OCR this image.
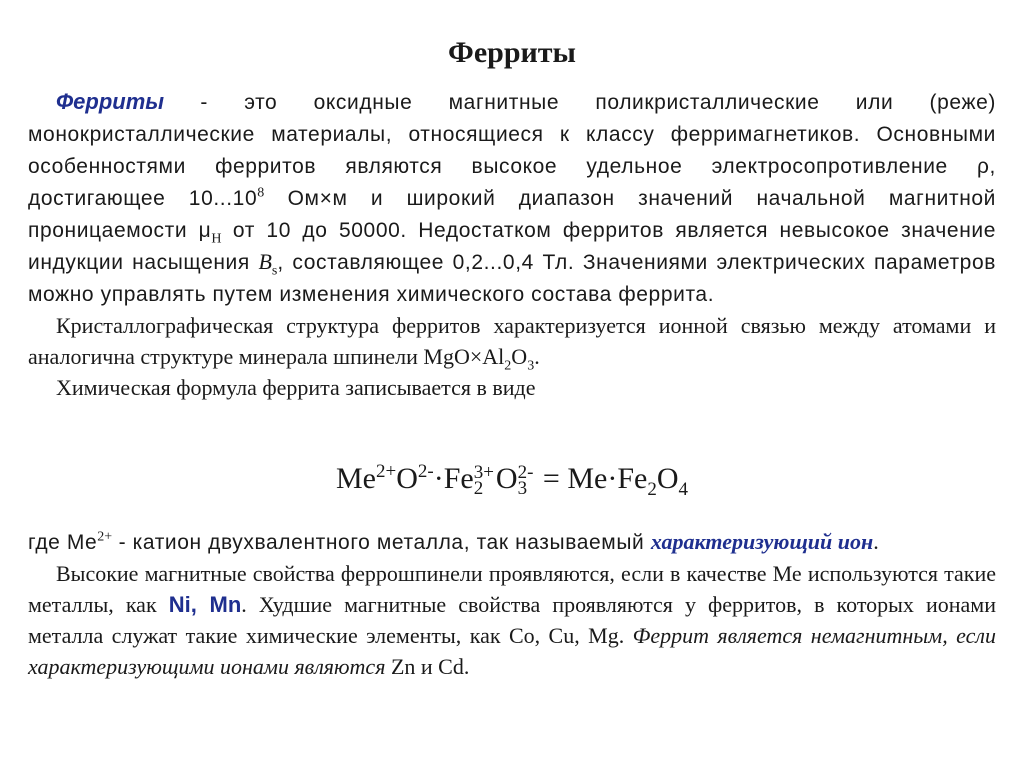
Ферриты

Ферриты - это оксидные магнитные поликристаллические или (реже) монокристаллические материалы, относящиеся к классу ферримагнетиков. Основными особенностями ферритов являются высокое удельное электросопротивление ρ, достигающее 10...10$^8$ Ом×м и широкий диапазон значений начальной магнитной проницаемости $\mu_Н$ от 10 до 50000. Недостатком ферритов является невысокое значение индукции насыщения $B_s$, составляющее 0,2...0,4 Тл. Значениями электрических параметров можно управлять путем изменения химического состава феррита.

Кристаллографическая структура ферритов характеризуется ионной связью между атомами и аналогична структуре минерала шпинели $MgO\times Al_2O_3$.

Химическая формула феррита записывается в виде

$Me^{2+}O^{2-}\cdot Fe$ 3+
2 O 2-
$3 = Me\cdot Fe_2O_4$

где $Me^{2+}$ - катион двухвалентного металла, так называемый характеризующий ион.

Высокие магнитные свойства феррошпинели проявляются, если в качестве Ме используются такие металлы, как Ni, Mn. Худшие магнитные свойства проявляются у ферритов, в которых ионами металла служат такие химические элементы, как Co, Cu, Mg. Феррит является немагнитным, если характеризующими ионами являются Zn и Cd.
